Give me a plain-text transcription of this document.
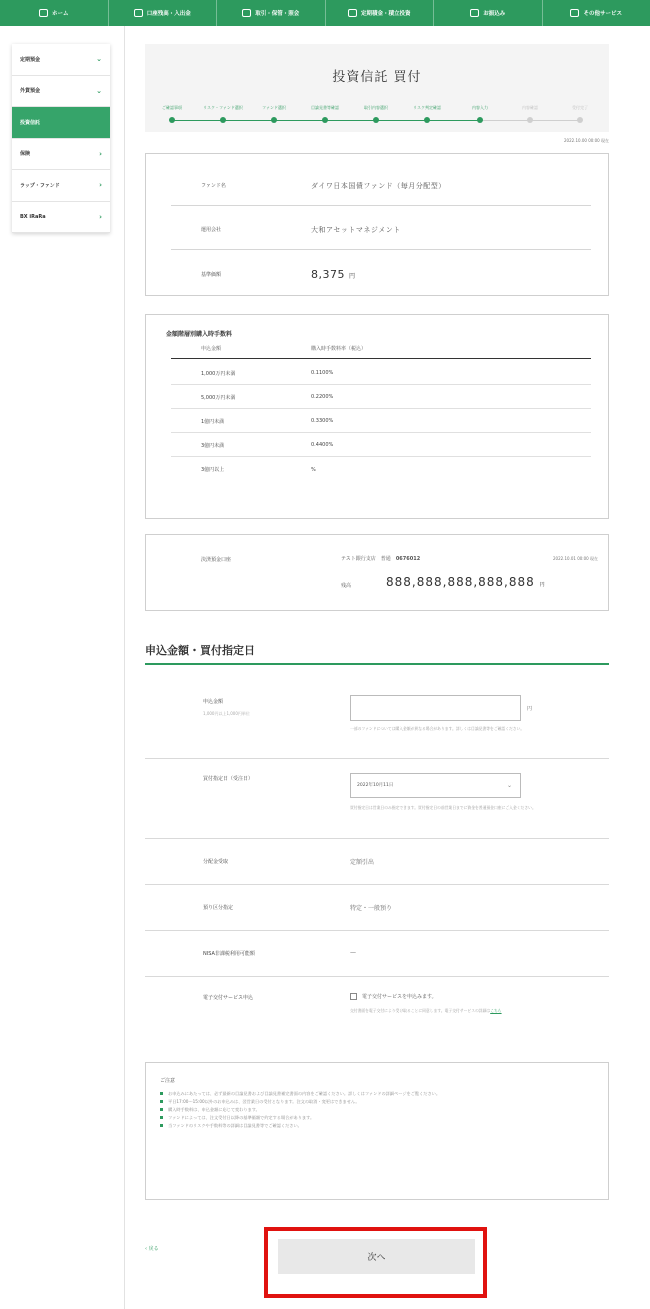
ホーム	口座残高・入出金	取引・保管・照会	定期積金・積立投資	お振込み	その他サービス
定期預金	⌄
外貨預金	⌄
投資信託
保険	›
ラップ・ファンド	›
BX iRaRa	›
投資信託 買付
ご確認事項	リスク・ファンド選択	ファンド選択	目論見書等確認	取引内容選択	リスク判定確認	内容入力	内容確認	受付完了
2022.10.00 00:00 現在
ファンド名	ダイワ日本国債ファンド（毎月分配型）
運用会社	大和アセットマネジメント
基準価額	8,375 円
金額階層別購入時手数料
申込金額	購入時手数料率（税込）
1,000万円未満	0.1100%
5,000万円未満	0.2200%
1億円未満	0.3300%
3億円未満	0.4400%
3億円以上	%
決済預金口座	テスト銀行支店　普通　 0676012	2022.10.01 00:00 現在
残高	888,888,888,888,888 円
申込金額・買付指定日
申込金額
1,000円以上1,000円単位
円
一部のファンドについては購入金額が異なる場合があります。詳しくは目論見書等をご確認ください。
買付指定日（受注日）
2022年10月11日	⌄
買付指定日は営業日のみ指定できます。買付指定日の前営業日までに資金を普通預金口座にご入金ください。
分配金受取	定額引出
預り区分指定	特定・一般預り
NISA非課税利用可能額	—
電子交付サービス申込	電子交付サービスを申込みます。
交付書面を電子交付により受け取ることに同意します。電子交付サービスの詳細はこちら
ご注意
お申込みにあたっては、必ず最新の目論見書および目論見書補完書面の内容をご確認ください。詳しくはファンドの詳細ページをご覧ください。
平日17:00〜15:00以外のお申込みは、翌営業日の受付となります。注文の取消・変更はできません。
購入時手数料は、申込金額に応じて変わります。
ファンドによっては、注文受付日以降の基準価額で約定する場合があります。
当ファンドのリスクや手数料等の詳細は目論見書等でご確認ください。
‹ 戻る
次へ
